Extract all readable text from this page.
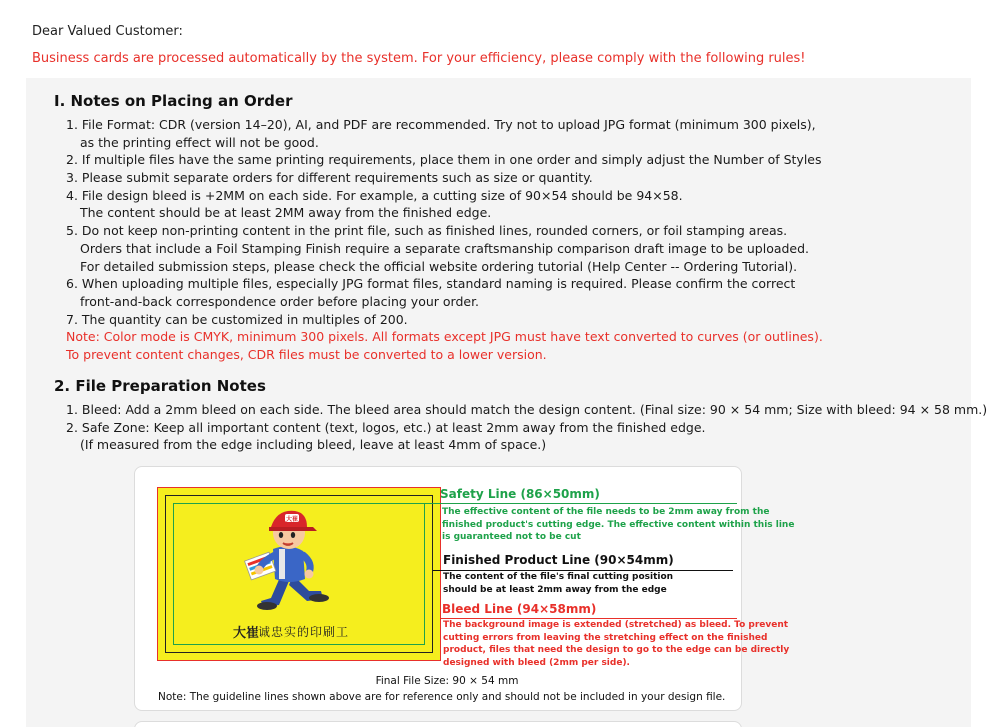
Dear Valued Customer:
Business cards are processed automatically by the system. For your efficiency, please comply with the following rules!
I. Notes on Placing an Order
1. File Format: CDR (version 14–20), AI, and PDF are recommended. Try not to upload JPG format (minimum 300 pixels),
as the printing effect will not be good.
2. If multiple files have the same printing requirements, place them in one order and simply adjust the Number of Styles
3. Please submit separate orders for different requirements such as size or quantity.
4. File design bleed is +2MM on each side. For example, a cutting size of 90×54 should be 94×58.
The content should be at least 2MM away from the finished edge.
5. Do not keep non-printing content in the print file, such as finished lines, rounded corners, or foil stamping areas.
Orders that include a Foil Stamping Finish require a separate craftsmanship comparison draft image to be uploaded.
For detailed submission steps, please check the official website ordering tutorial (Help Center -- Ordering Tutorial).
6. When uploading multiple files, especially JPG format files, standard naming is required. Please confirm the correct
front-and-back correspondence order before placing your order.
7. The quantity can be customized in multiples of 200.
Note: Color mode is CMYK, minimum 300 pixels. All formats except JPG must have text converted to curves (or outlines).
To prevent content changes, CDR files must be converted to a lower version.
2. File Preparation Notes
1. Bleed: Add a 2mm bleed on each side. The bleed area should match the design content. (Final size: 90 × 54 mm; Size with bleed: 94 × 58 mm.)
2. Safe Zone: Keep all important content (text, logos, etc.) at least 2mm away from the finished edge.
(If measured from the edge including bleed, leave at least 4mm of space.)
Final File Size: 90 × 54 mm
Note: The guideline lines shown above are for reference only and should not be included in your design file.
大崔
大崔
诚忠实的印刷工
Safety Line (86×50mm)
The effective content of the file needs to be 2mm away from the
finished product's cutting edge. The effective content within this line
is guaranteed not to be cut
Finished Product Line (90×54mm)
The content of the file's final cutting position
should be at least 2mm away from the edge
Bleed Line (94×58mm)
The background image is extended (stretched) as bleed. To prevent
cutting errors from leaving the stretching effect on the finished
product, files that need the design to go to the edge can be directly
designed with bleed (2mm per side).
